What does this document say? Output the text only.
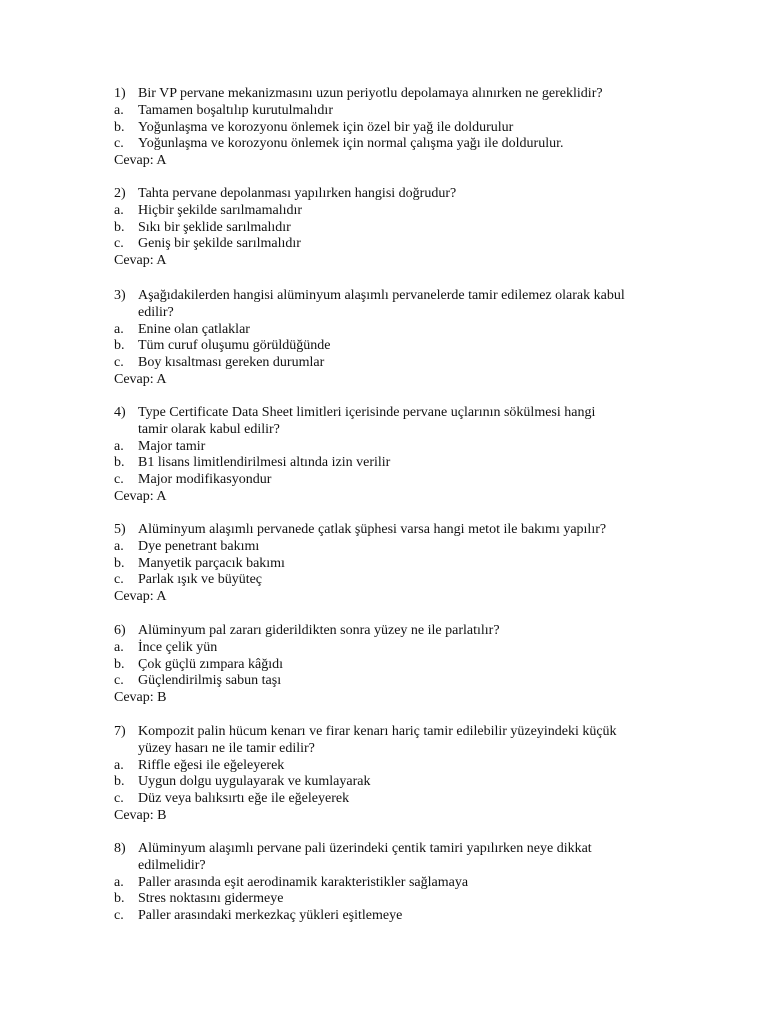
1) Bir VP pervane mekanizmasını uzun periyotlu depolamaya alınırken ne gereklidir?
a. Tamamen boşaltılıp kurutulmalıdır
b. Yoğunlaşma ve korozyonu önlemek için özel bir yağ ile doldurulur
c. Yoğunlaşma ve korozyonu önlemek için normal çalışma yağı ile doldurulur.
Cevap: A
2) Tahta pervane depolanması yapılırken hangisi doğrudur?
a. Hiçbir şekilde sarılmamalıdır
b. Sıkı bir şeklide sarılmalıdır
c. Geniş bir şekilde sarılmalıdır
Cevap: A
3) Aşağıdakilerden hangisi alüminyum alaşımlı pervanelerde tamir edilemez olarak kabul
edilir?
a. Enine olan çatlaklar
b. Tüm curuf oluşumu görüldüğünde
c. Boy kısaltması gereken durumlar
Cevap: A
4) Type Certificate Data Sheet limitleri içerisinde pervane uçlarının sökülmesi hangi
tamir olarak kabul edilir?
a. Major tamir
b. B1 lisans limitlendirilmesi altında izin verilir
c. Major modifikasyondur
Cevap: A
5) Alüminyum alaşımlı pervanede çatlak şüphesi varsa hangi metot ile bakımı yapılır?
a. Dye penetrant bakımı
b. Manyetik parçacık bakımı
c. Parlak ışık ve büyüteç
Cevap: A
6) Alüminyum pal zararı giderildikten sonra yüzey ne ile parlatılır?
a. İnce çelik yün
b. Çok güçlü zımpara kâğıdı
c. Güçlendirilmiş sabun taşı
Cevap: B
7) Kompozit palin hücum kenarı ve firar kenarı hariç tamir edilebilir yüzeyindeki küçük
yüzey hasarı ne ile tamir edilir?
a. Riffle eğesi ile eğeleyerek
b. Uygun dolgu uygulayarak ve kumlayarak
c. Düz veya balıksırtı eğe ile eğeleyerek
Cevap: B
8) Alüminyum alaşımlı pervane pali üzerindeki çentik tamiri yapılırken neye dikkat
edilmelidir?
a. Paller arasında eşit aerodinamik karakteristikler sağlamaya
b. Stres noktasını gidermeye
c. Paller arasındaki merkezkaç yükleri eşitlemeye
